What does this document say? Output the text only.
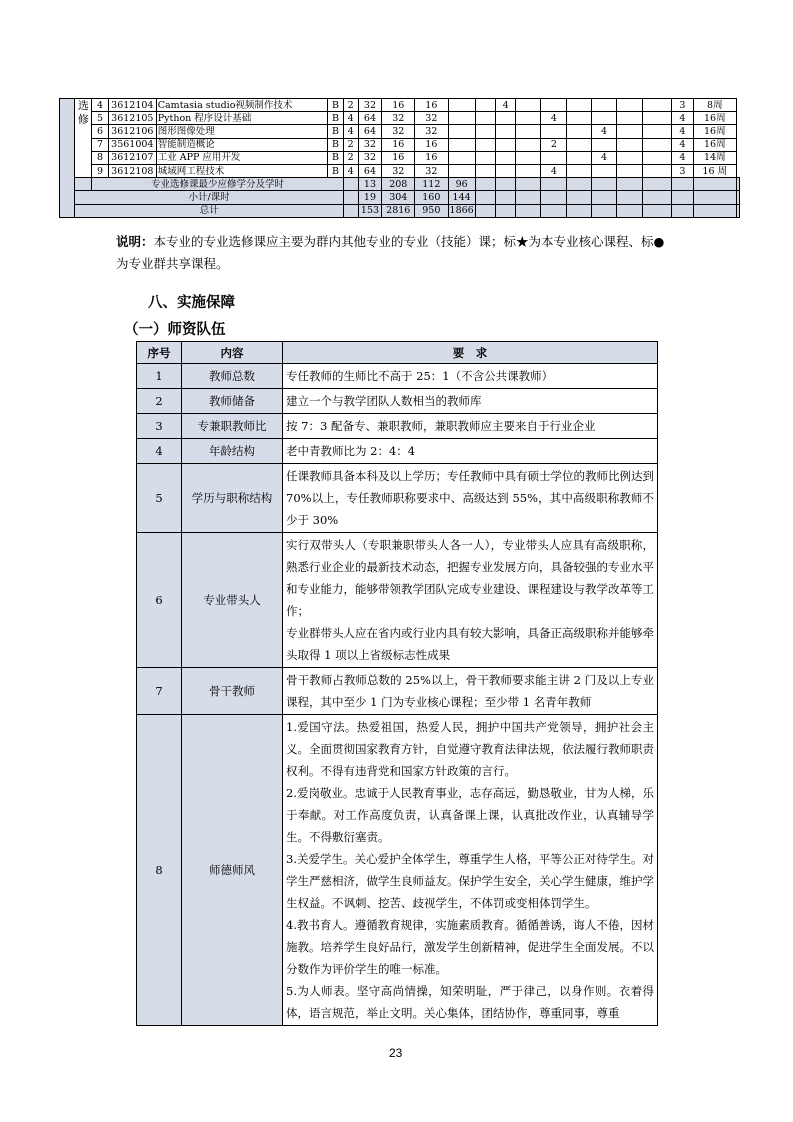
	选修	4	3612104	Camtasia studio视频制作技术	B	2	32	16	16			4							3	8周	
		5	3612105	Python 程序设计基础	B	4	64	32	32					4					4	16周	
		6	3612106	图形图像处理	B	4	64	32	32							4			4	16周	
		7	3561004	智能制造概论	B	2	32	16	16					2					4	16周	
		8	3612107	工业 APP 应用开发	B	2	32	16	16							4			4	14周	
		9	3612108	城域网工程技术	B	4	64	32	32					4					3	16 周	
		专业选修课最少应修学分及学时					13	208	112	96											
	小计/课时						19	304	160	144											
	总计						153	2816	950	1866											
说明：本专业的专业选修课应主要为群内其他专业的专业（技能）课；标★为本专业核心课程、标●为专业群共享课程。
八、实施保障
（一）师资队伍
序号	内容	要　求
1	教师总数	专任教师的生师比不高于 25：1（不含公共课教师）

2	教师储备	建立一个与教学团队人数相当的教师库

3	专兼职教师比	按 7：3 配备专、兼职教师，兼职教师应主要来自于行业企业

4	年龄结构	老中青教师比为 2：4：4

5	学历与职称结构	任课教师具备本科及以上学历；专任教师中具有硕士学位的教师比例达到 70%以上，专任教师职称要求中、高级达到 55%，其中高级职称教师不少于 30%

6	专业带头人	实行双带头人（专职兼职带头人各一人），专业带头人应具有高级职称，熟悉行业企业的最新技术动态，把握专业发展方向，具备较强的专业水平和专业能力，能够带领教学团队完成专业建设、课程建设与教学改革等工作；
专业群带头人应在省内或行业内具有较大影响，具备正高级职称并能够牵头取得 1 项以上省级标志性成果

7	骨干教师	骨干教师占教师总数的 25%以上，骨干教师要求能主讲 2 门及以上专业课程，其中至少 1 门为专业核心课程；至少带 1 名青年教师

8	师德师风	1.爱国守法。热爱祖国，热爱人民，拥护中国共产党领导，拥护社会主义。全面贯彻国家教育方针，自觉遵守教育法律法规，依法履行教师职责权利。不得有违背党和国家方针政策的言行。
2.爱岗敬业。忠诚于人民教育事业，志存高远，勤恳敬业，甘为人梯，乐于奉献。对工作高度负责，认真备课上课，认真批改作业，认真辅导学生。不得敷衍塞责。
3.关爱学生。关心爱护全体学生，尊重学生人格，平等公正对待学生。对学生严慈相济，做学生良师益友。保护学生安全，关心学生健康，维护学生权益。不讽刺、挖苦、歧视学生，不体罚或变相体罚学生。
4.教书育人。遵循教育规律，实施素质教育。循循善诱，诲人不倦，因材施教。培养学生良好品行，激发学生创新精神，促进学生全面发展。不以分数作为评价学生的唯一标准。
5.为人师表。坚守高尚情操，知荣明耻，严于律己，以身作则。衣着得体，语言规范，举止文明。关心集体，团结协作，尊重同事，尊重
23
